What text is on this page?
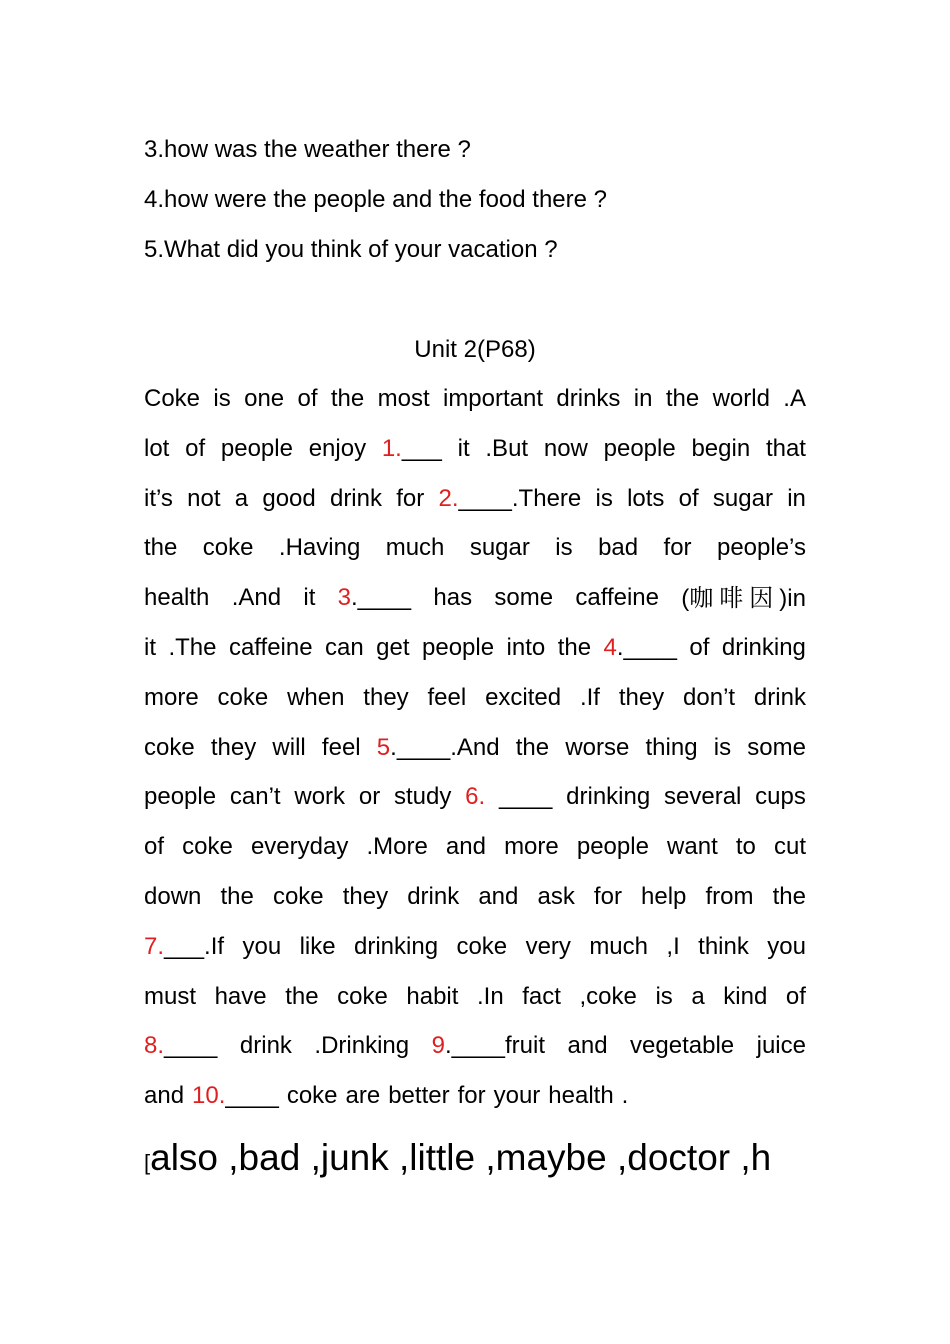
3.how was the weather there ?
4.how were the people and the food there ?
5.What did you think of your vacation ?
Unit 2(P68)
Coke is one of the most important drinks in the world .A
lot of people enjoy 1.___ it .But now people begin that
it’s not a good drink for 2.____.There is lots of sugar in
the coke .Having much sugar is bad for people’s
health .And it 3.____ has some caffeine (咖啡因)in
it .The caffeine can get people into the 4.____ of drinking
more coke when they feel excited .If they don’t drink
coke they will feel 5.____.And the worse thing is some
people can’t work or study 6. ____ drinking several cups
of coke everyday .More and more people want to cut
down the coke they drink and ask for help from the
7.___.If you like drinking coke very much ,I think you
must have the coke habit .In fact ,coke is a kind of
8.____ drink .Drinking 9.____fruit and vegetable juice
and 10.____ coke are better for your health .
[also ,bad ,junk ,little ,maybe ,doctor ,h
